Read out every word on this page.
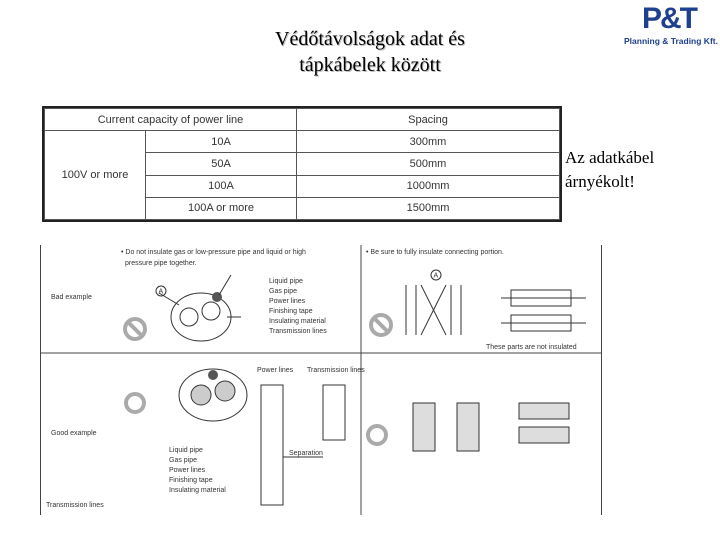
Védőtávolságok adat és
tápkábelek között
P&T
Planning & Trading Kft.
Current capacity of power line		Spacing
100V or more	10A	300mm
	50A	500mm
	100A	1000mm
	100A or more	1500mm
Az adatkábel
árnyékolt!
• Do not insulate gas or low-pressure pipe and liquid or high
pressure pipe together.
• Be sure to fully insulate connecting portion.
Bad example
Good example
A
Liquid pipe
Gas pipe
Power lines
Finishing tape
Insulating material
Transmission lines
A
These parts are not insulated
Transmission lines
Liquid pipe
Gas pipe
Power lines
Finishing tape
Insulating material
Power lines Transmission lines
Separation
